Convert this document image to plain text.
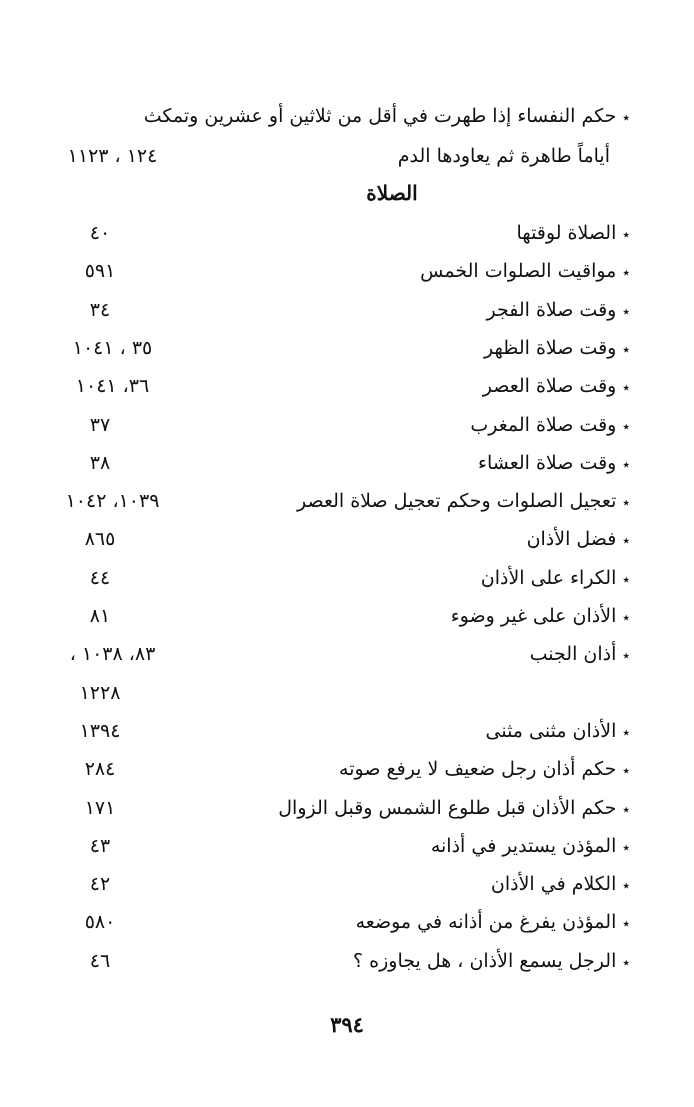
٭حكم النفساء إذا طهرت في أقل من ثلاثين أو عشرين وتمكث
أياماً طاهرة ثم يعاودها الدم
١٢٤ ، ١١٢٣
الصلاة
٭الصلاة لوقتها
٤٠
٭مواقيت الصلوات الخمس
٥٩١
٭وقت صلاة الفجر
٣٤
٭وقت صلاة الظهر
٣٥ ، ١٠٤١
٭وقت صلاة العصر
٣٦، ١٠٤١
٭وقت صلاة المغرب
٣٧
٭وقت صلاة العشاء
٣٨
٭تعجيل الصلوات وحكم تعجيل صلاة العصر
١٠٣٩، ١٠٤٢
٭فضل الأذان
٨٦٥
٭الكراء على الأذان
٤٤
٭الأذان على غير وضوء
٨١
٭أذان الجنب
٨٣، ١٠٣٨ ،
١٢٢٨
٭الأذان مثنى مثنى
١٣٩٤
٭حكم أذان رجل ضعيف لا يرفع صوته
٢٨٤
٭حكم الأذان قبل طلوع الشمس وقبل الزوال
١٧١
٭المؤذن يستدير في أذانه
٤٣
٭الكلام في الأذان
٤٢
٭المؤذن يفرغ من أذانه في موضعه
٥٨٠
٭الرجل يسمع الأذان ، هل يجاوزه ؟
٤٦
٣٩٤
